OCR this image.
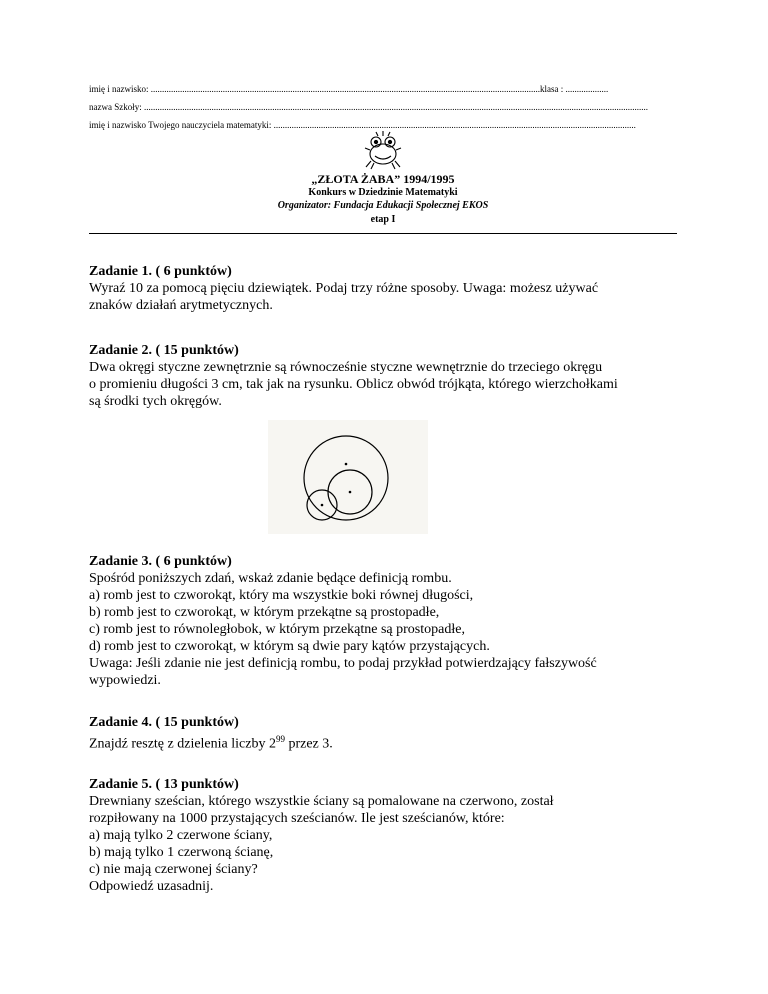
imię i nazwisko: .............................................................................................................................................................................klasa : ...................
nazwa Szkoły: ................................................................................................................................................................................................................................
imię i nazwisko Twojego nauczyciela matematyki: .................................................................................................................................................................
„ZŁOTA ŻABA” 1994/1995
Konkurs w Dziedzinie Matematyki
Organizator: Fundacja Edukacji Społecznej EKOS
etap I
Zadanie 1. ( 6 punktów)

Wyraź 10 za pomocą pięciu dziewiątek. Podaj trzy różne sposoby. Uwaga: możesz używać

znaków działań arytmetycznych.

Zadanie 2. ( 15 punktów)

Dwa okręgi styczne zewnętrznie są równocześnie styczne wewnętrznie do trzeciego okręgu

o promieniu długości 3 cm, tak jak na rysunku. Oblicz obwód trójkąta, którego wierzchołkami

są środki tych okręgów.

Zadanie 3. ( 6 punktów)

Spośród poniższych zdań, wskaż zdanie będące definicją rombu.

a) romb jest to czworokąt, który ma wszystkie boki równej długości,

b) romb jest to czworokąt, w którym przekątne są prostopadłe,

c) romb jest to równoległobok, w którym przekątne są prostopadłe,

d) romb jest to czworokąt, w którym są dwie pary kątów przystających.

Uwaga: Jeśli zdanie nie jest definicją rombu, to podaj przykład potwierdzający fałszywość

wypowiedzi.

Zadanie 4. ( 15 punktów)

Znajdź resztę z dzielenia liczby $2^{99}$ przez 3.

Zadanie 5. ( 13 punktów)

Drewniany sześcian, którego wszystkie ściany są pomalowane na czerwono, został

rozpiłowany na 1000 przystających sześcianów. Ile jest sześcianów, które:

a) mają tylko 2 czerwone ściany,

b) mają tylko 1 czerwoną ścianę,

c) nie mają czerwonej ściany?

Odpowiedź uzasadnij.
